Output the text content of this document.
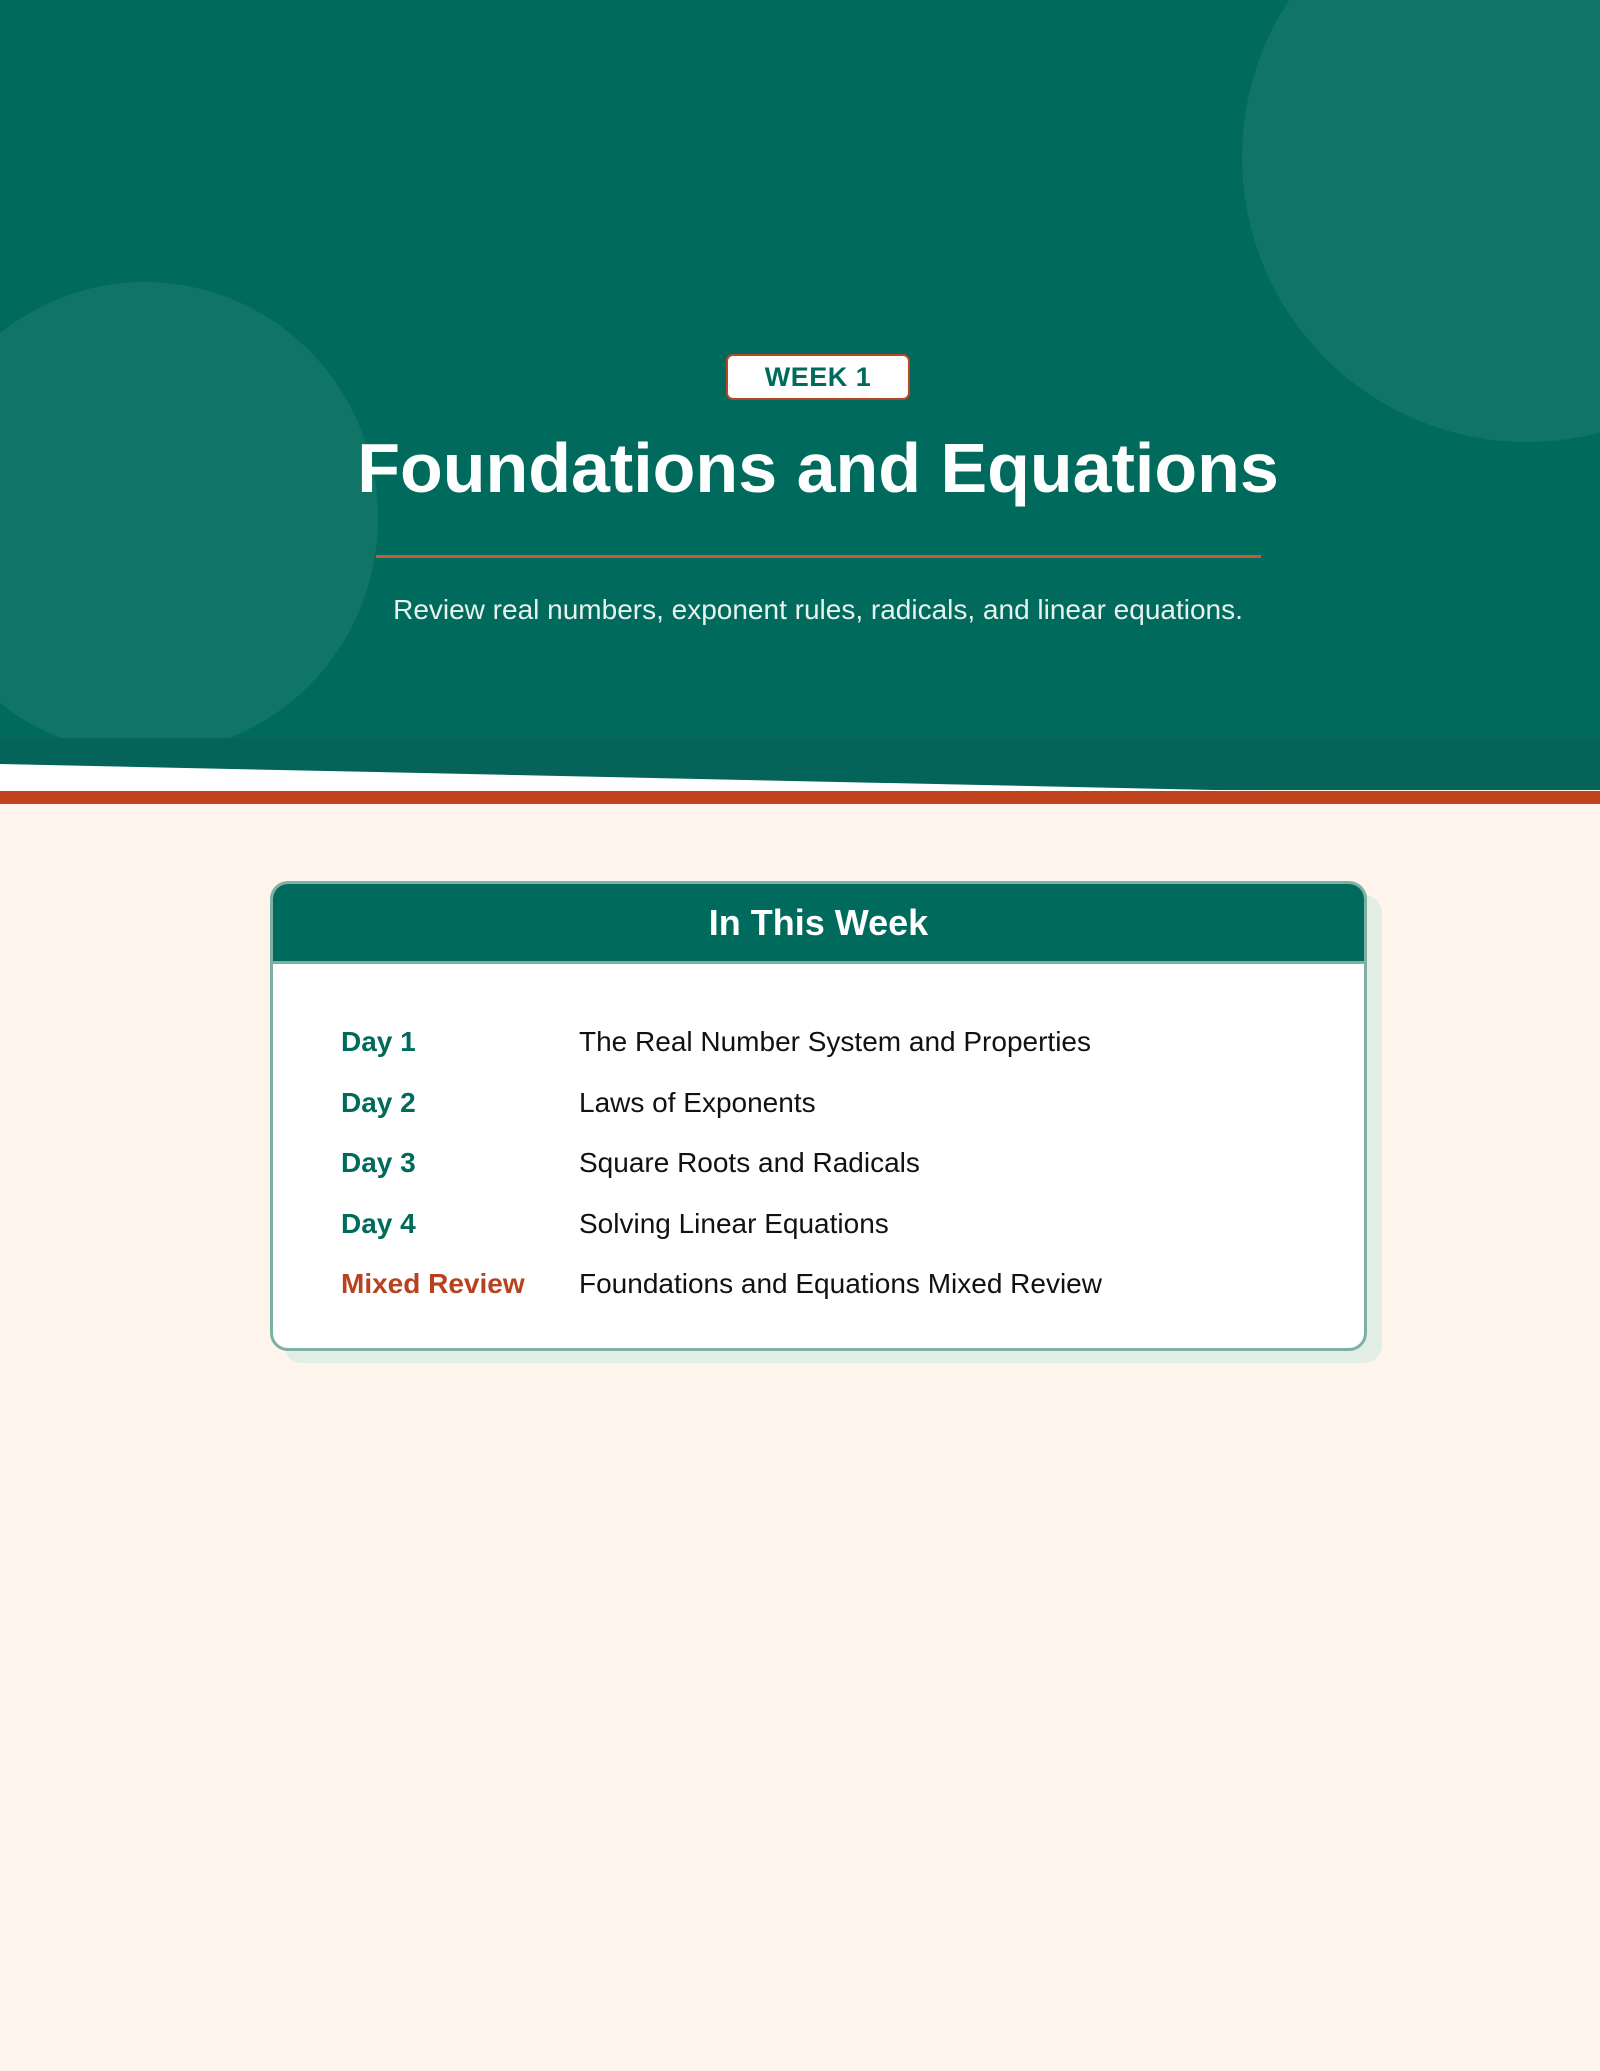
WEEK 1
Foundations and Equations
Review real numbers, exponent rules, radicals, and linear equations.
In This Week
Day 1	The Real Number System and Properties
Day 2	Laws of Exponents
Day 3	Square Roots and Radicals
Day 4	Solving Linear Equations
Mixed Review	Foundations and Equations Mixed Review
